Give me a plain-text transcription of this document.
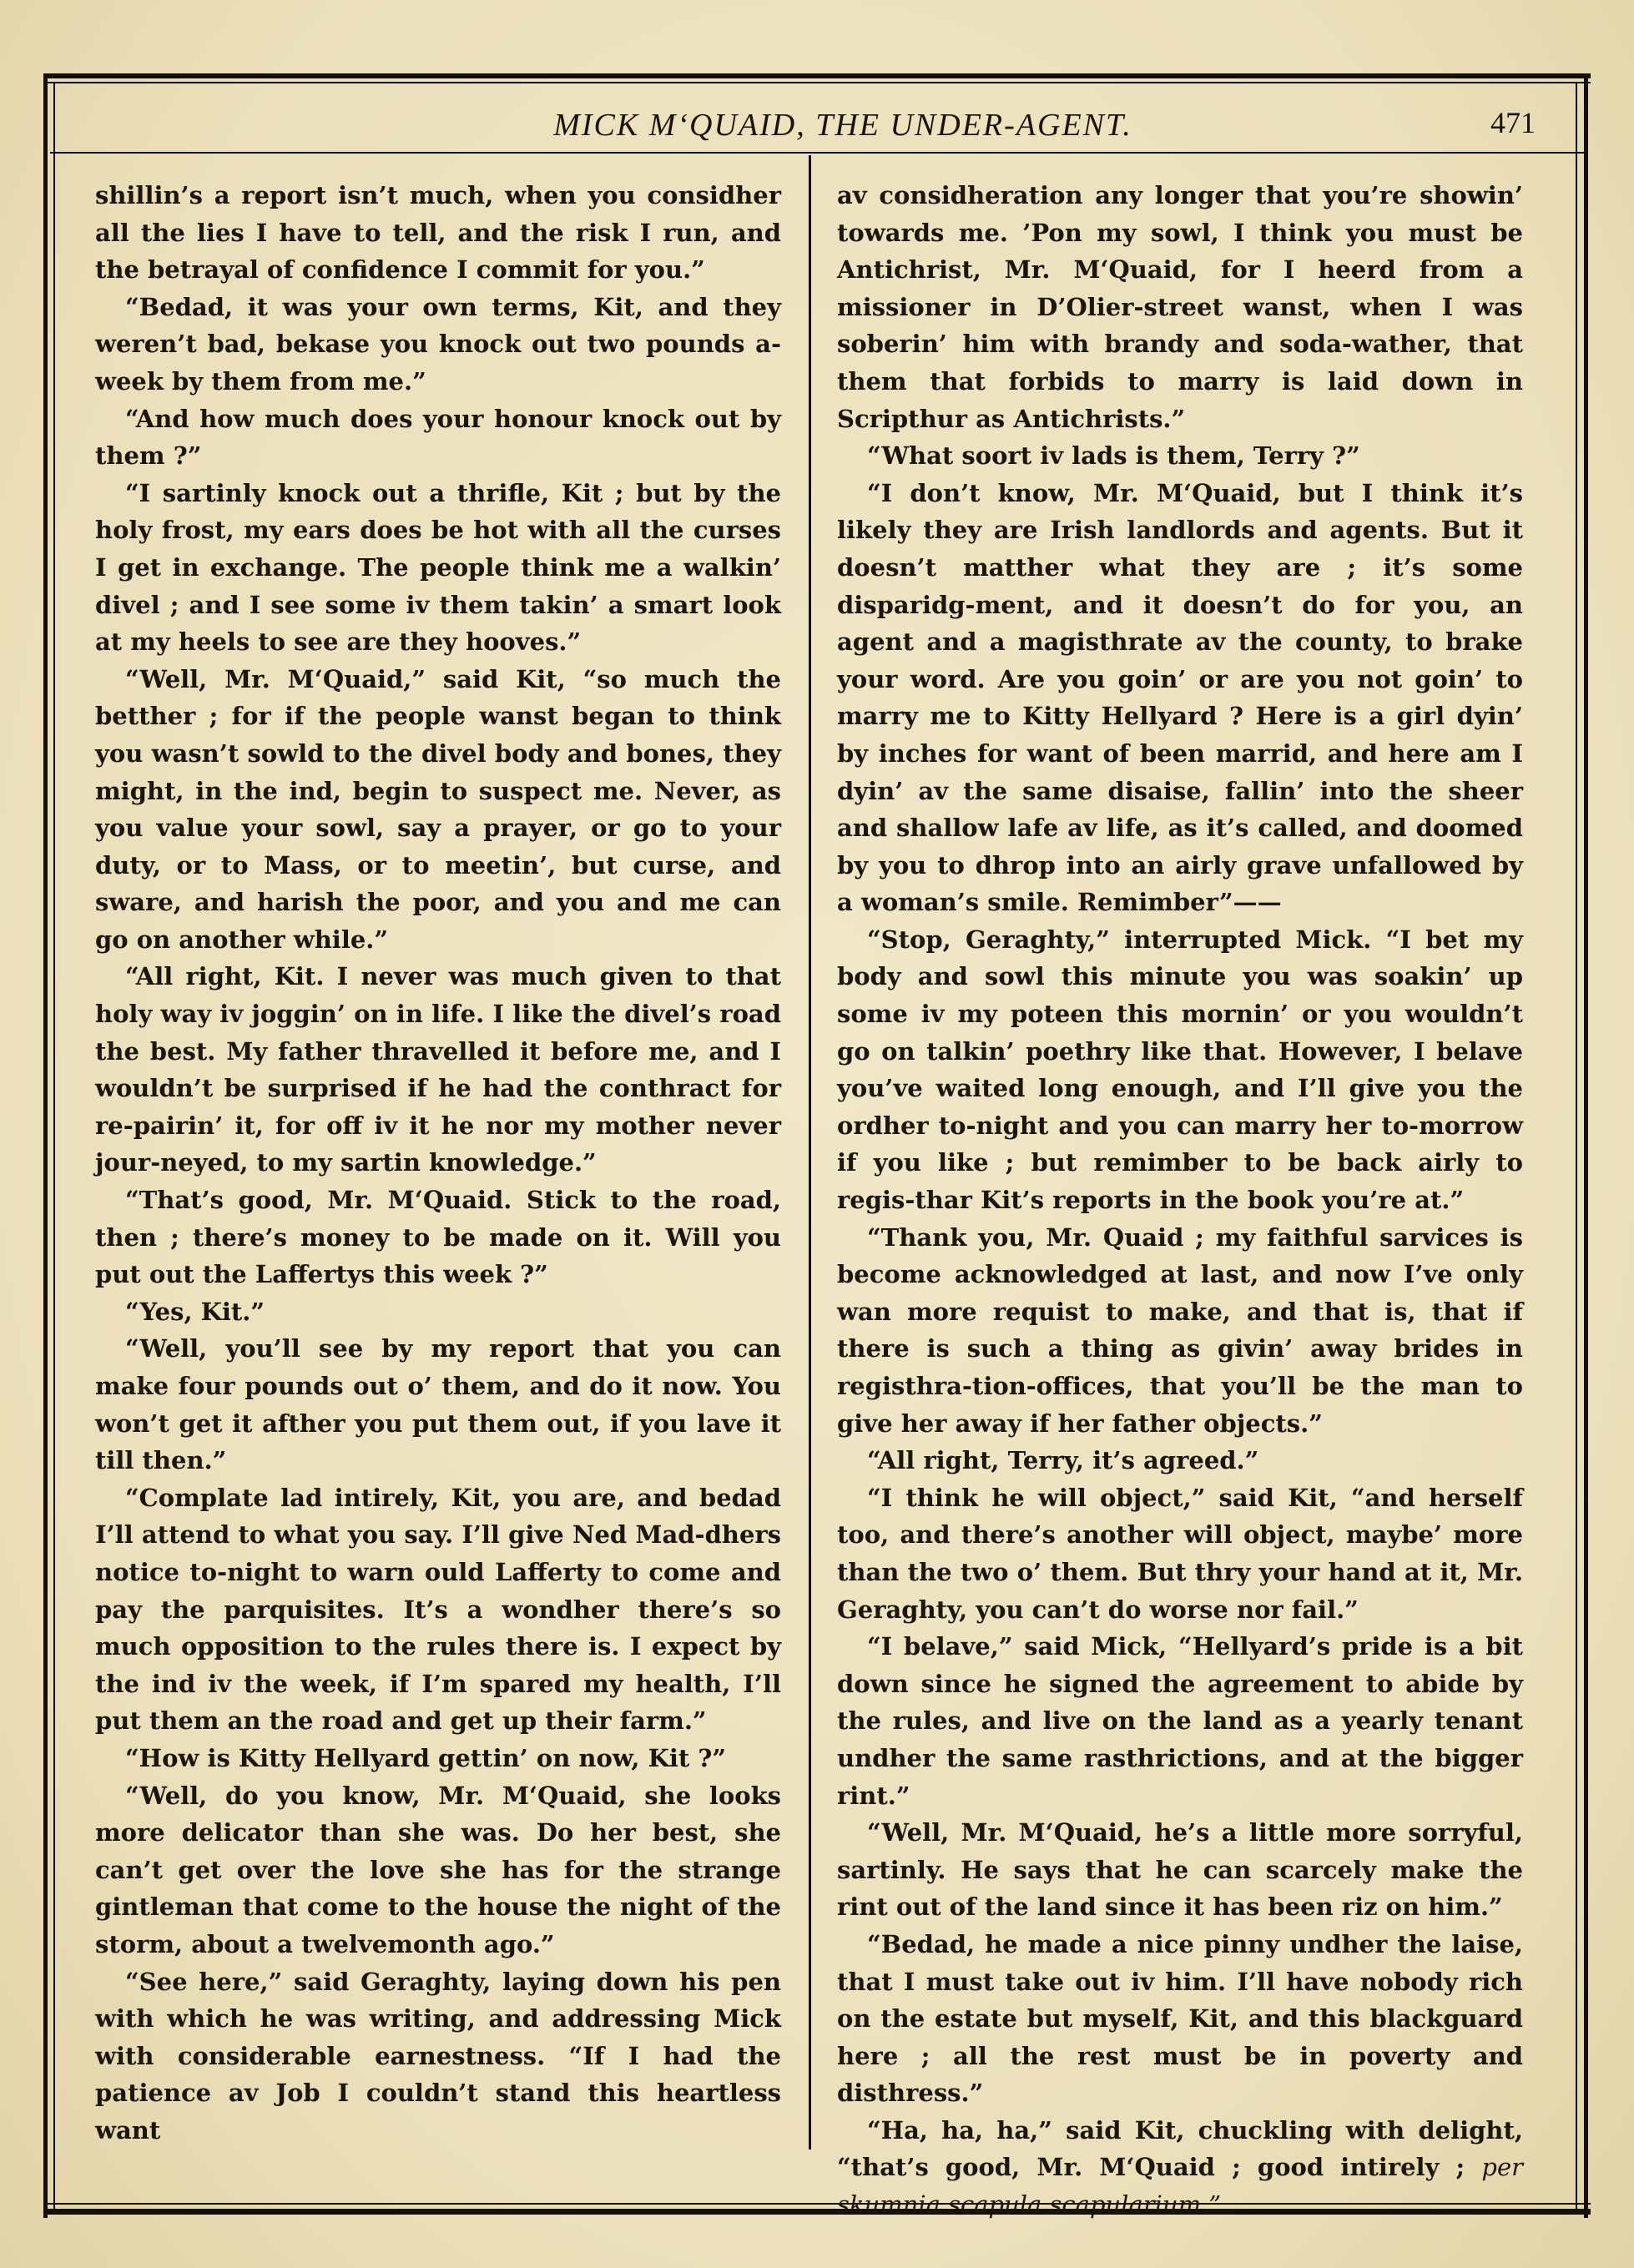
MICK M‘QUAID, THE UNDER-AGENT.	471

shillin’s a report isn’t much, when you considher all the lies I have to tell, and the risk I run, and the betrayal of confidence I commit for you.”

“Bedad, it was your own terms, Kit, and they weren’t bad, bekase you knock out two pounds a-week by them from me.”

“And how much does your honour knock out by them ?”

“I sartinly knock out a thrifle, Kit ; but by the holy frost, my ears does be hot with all the curses I get in exchange. The people think me a walkin’ divel ; and I see some iv them takin’ a smart look at my heels to see are they hooves.”

“Well, Mr. M‘Quaid,” said Kit, “so much the betther ; for if the people wanst began to think you wasn’t sowld to the divel body and bones, they might, in the ind, begin to suspect me. Never, as you value your sowl, say a prayer, or go to your duty, or to Mass, or to meetin’, but curse, and sware, and harish the poor, and you and me can go on another while.”

“All right, Kit. I never was much given to that holy way iv joggin’ on in life. I like the divel’s road the best. My father thravelled it before me, and I wouldn’t be surprised if he had the conthract for re-pairin’ it, for off iv it he nor my mother never jour-neyed, to my sartin knowledge.”

“That’s good, Mr. M‘Quaid. Stick to the road, then ; there’s money to be made on it. Will you put out the Laffertys this week ?”

“Yes, Kit.”

“Well, you’ll see by my report that you can make four pounds out o’ them, and do it now. You won’t get it afther you put them out, if you lave it till then.”

“Complate lad intirely, Kit, you are, and bedad I’ll attend to what you say. I’ll give Ned Mad-dhers notice to-night to warn ould Lafferty to come and pay the parquisites. It’s a wondher there’s so much opposition to the rules there is. I expect by the ind iv the week, if I’m spared my health, I’ll put them an the road and get up their farm.”

“How is Kitty Hellyard gettin’ on now, Kit ?”

“Well, do you know, Mr. M‘Quaid, she looks more delicator than she was. Do her best, she can’t get over the love she has for the strange gintleman that come to the house the night of the storm, about a twelvemonth ago.”

“See here,” said Geraghty, laying down his pen with which he was writing, and addressing Mick with considerable earnestness. “If I had the patience av Job I couldn’t stand this heartless want

av considheration any longer that you’re showin’ towards me. ’Pon my sowl, I think you must be Antichrist, Mr. M‘Quaid, for I heerd from a missioner in D’Olier-street wanst, when I was soberin’ him with brandy and soda-wather, that them that forbids to marry is laid down in Scripthur as Antichrists.”

“What soort iv lads is them, Terry ?”

“I don’t know, Mr. M‘Quaid, but I think it’s likely they are Irish landlords and agents. But it doesn’t matther what they are ; it’s some disparidg-ment, and it doesn’t do for you, an agent and a magisthrate av the county, to brake your word. Are you goin’ or are you not goin’ to marry me to Kitty Hellyard ? Here is a girl dyin’ by inches for want of been marrid, and here am I dyin’ av the same disaise, fallin’ into the sheer and shallow lafe av life, as it’s called, and doomed by you to dhrop into an airly grave unfallowed by a woman’s smile. Remimber”——

“Stop, Geraghty,” interrupted Mick. “I bet my body and sowl this minute you was soakin’ up some iv my poteen this mornin’ or you wouldn’t go on talkin’ poethry like that. However, I belave you’ve waited long enough, and I’ll give you the ordher to-night and you can marry her to-morrow if you like ; but remimber to be back airly to regis-thar Kit’s reports in the book you’re at.”

“Thank you, Mr. Quaid ; my faithful sarvices is become acknowledged at last, and now I’ve only wan more requist to make, and that is, that if there is such a thing as givin’ away brides in registhra-tion-offices, that you’ll be the man to give her away if her father objects.”

“All right, Terry, it’s agreed.”

“I think he will object,” said Kit, “and herself too, and there’s another will object, maybe’ more than the two o’ them. But thry your hand at it, Mr. Geraghty, you can’t do worse nor fail.”

“I belave,” said Mick, “Hellyard’s pride is a bit down since he signed the agreement to abide by the rules, and live on the land as a yearly tenant undher the same rasthrictions, and at the bigger rint.”

“Well, Mr. M‘Quaid, he’s a little more sorryful, sartinly. He says that he can scarcely make the rint out of the land since it has been riz on him.”

“Bedad, he made a nice pinny undher the laise, that I must take out iv him. I’ll have nobody rich on the estate but myself, Kit, and this blackguard here ; all the rest must be in poverty and disthress.”

“Ha, ha, ha,” said Kit, chuckling with delight, “that’s good, Mr. M‘Quaid ; good intirely ; per skumnia scapula scapularium.”
